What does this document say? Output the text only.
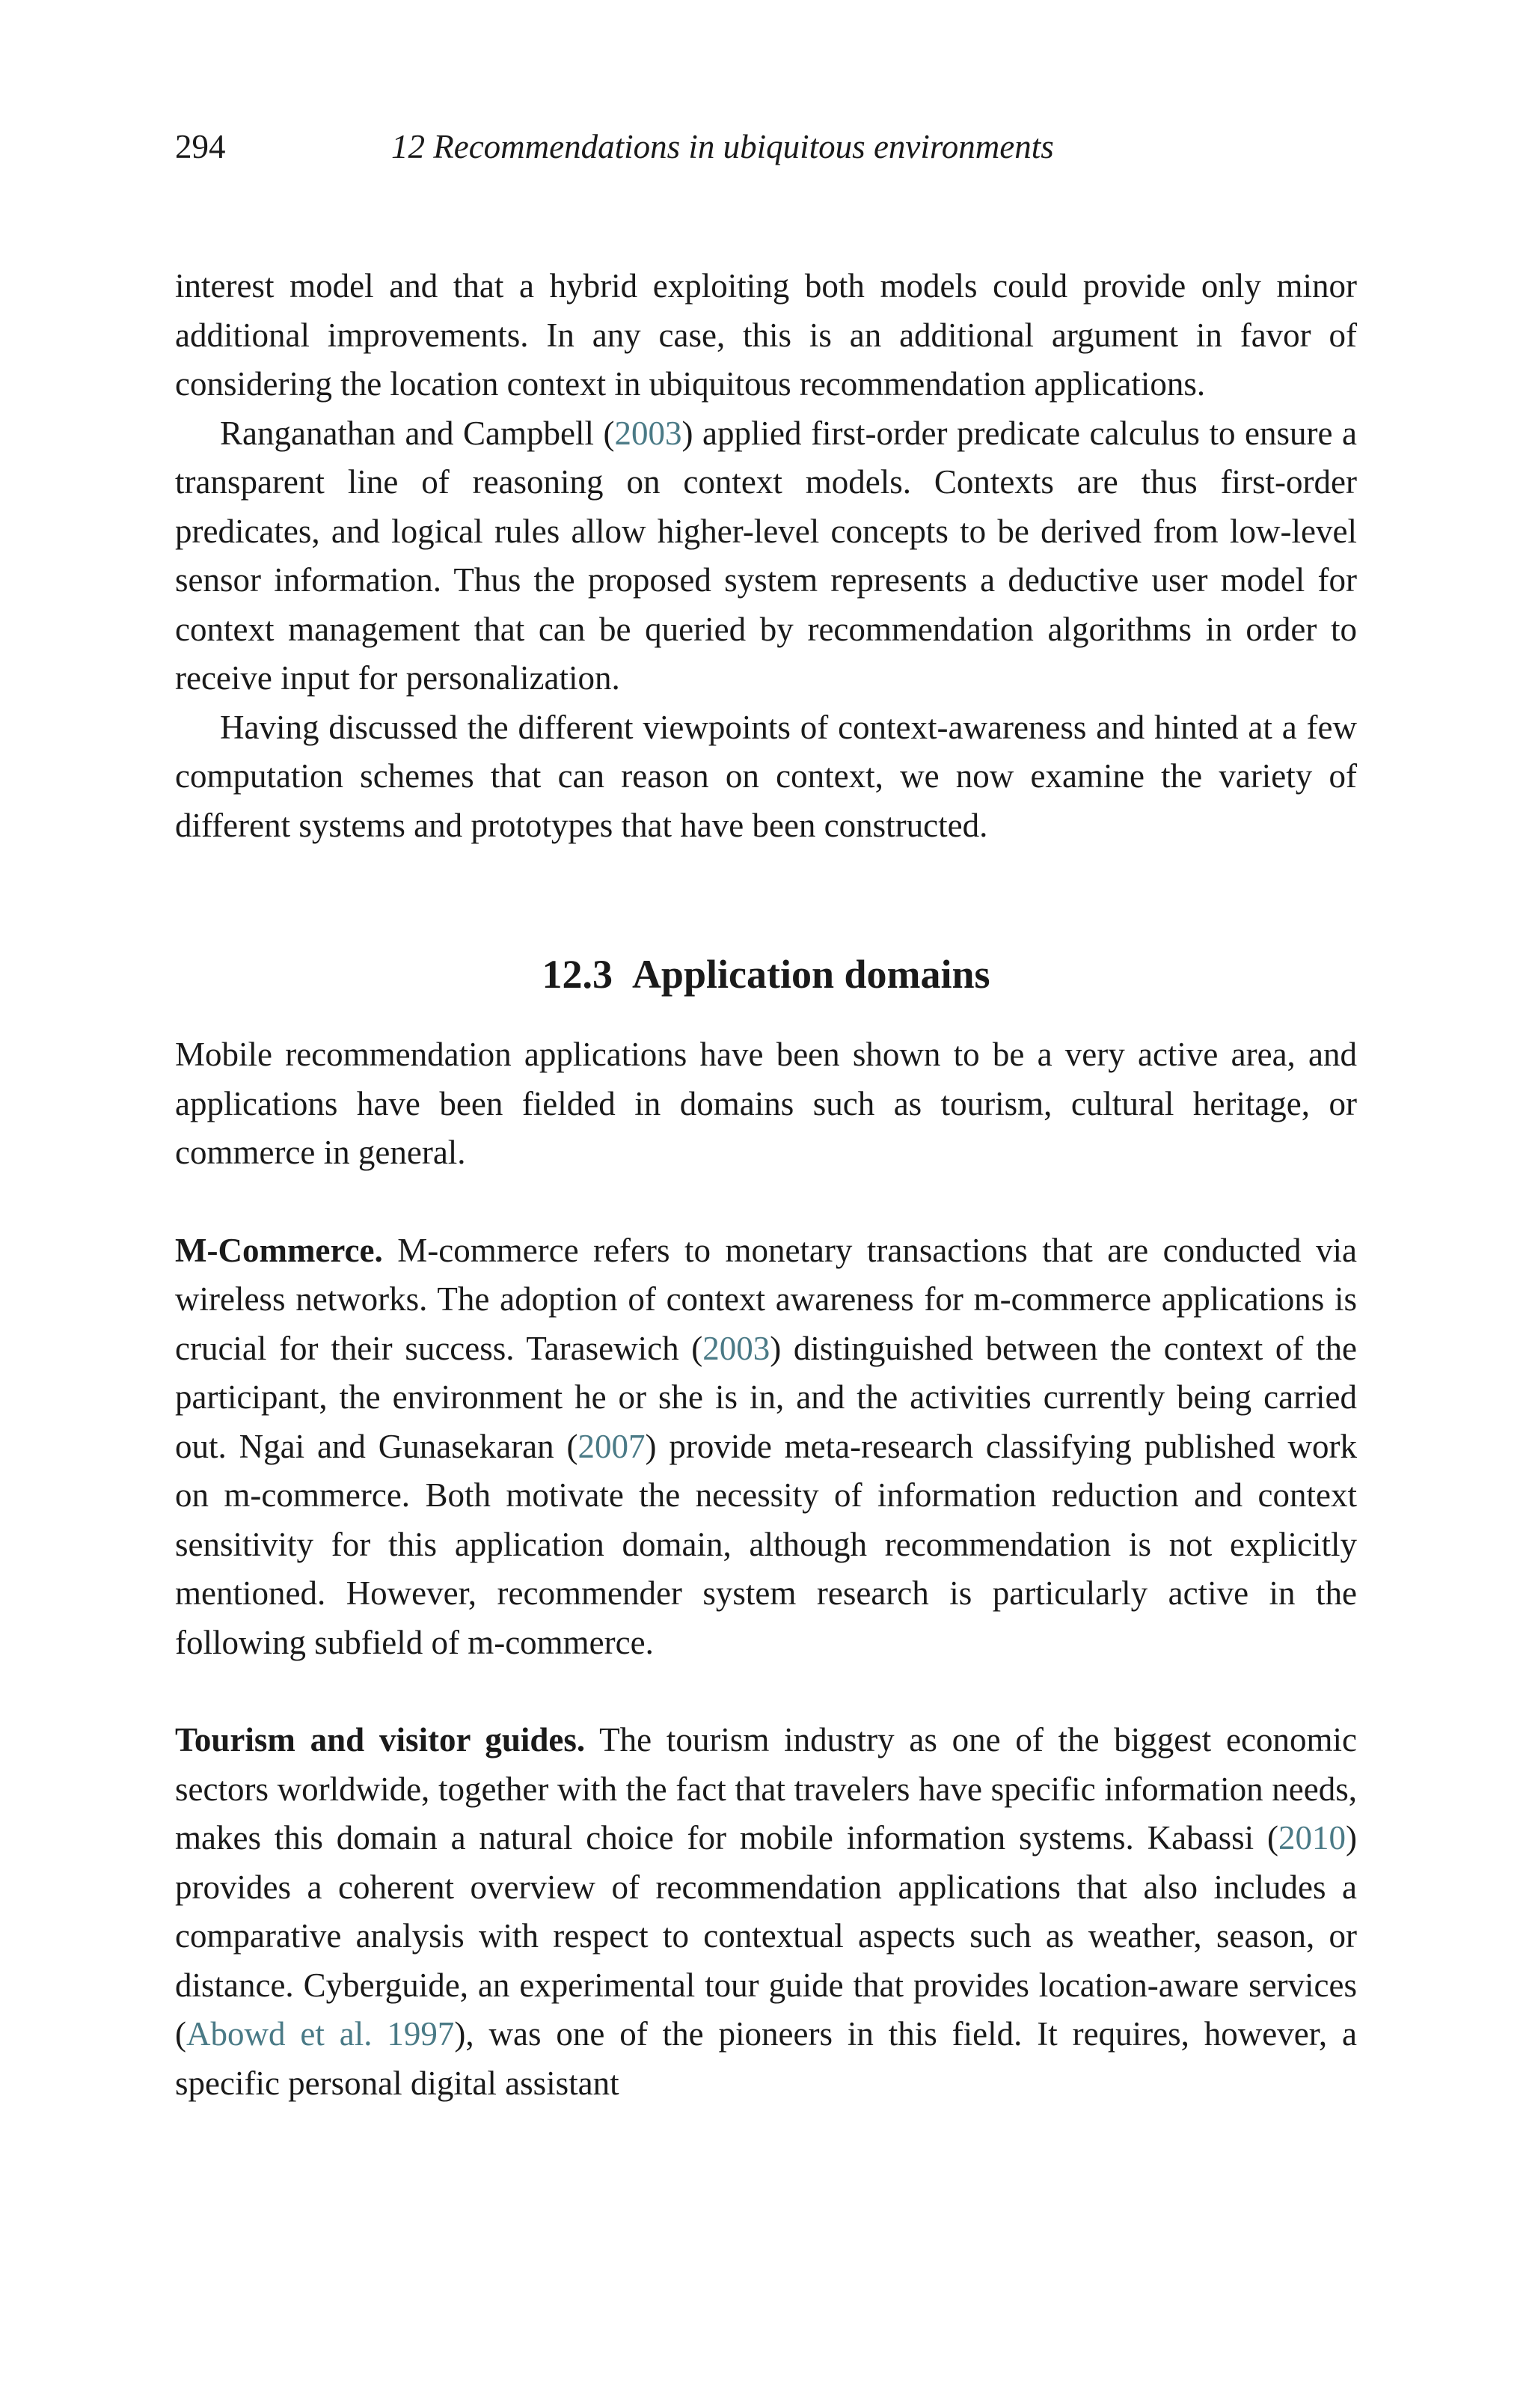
294	12 Recommendations in ubiquitous environments

interest model and that a hybrid exploiting both models could provide only minor additional improvements. In any case, this is an additional argument in favor of considering the location context in ubiquitous recommendation applications.

Ranganathan and Campbell (2003) applied first-order predicate calculus to ensure a transparent line of reasoning on context models. Contexts are thus first-order predicates, and logical rules allow higher-level concepts to be derived from low-level sensor information. Thus the proposed system represents a deductive user model for context management that can be queried by recommendation algorithms in order to receive input for personalization.

Having discussed the different viewpoints of context-awareness and hinted at a few computation schemes that can reason on context, we now examine the variety of different systems and prototypes that have been constructed.

12.3 Application domains

Mobile recommendation applications have been shown to be a very active area, and applications have been fielded in domains such as tourism, cultural heritage, or commerce in general.

M-Commerce. M-commerce refers to monetary transactions that are conducted via wireless networks. The adoption of context awareness for m-commerce applications is crucial for their success. Tarasewich (2003) distinguished between the context of the participant, the environment he or she is in, and the activities currently being carried out. Ngai and Gunasekaran (2007) provide meta-research classifying published work on m-commerce. Both motivate the necessity of information reduction and context sensitivity for this application domain, although recommendation is not explicitly mentioned. However, recommender system research is particularly active in the following subfield of m-commerce.

Tourism and visitor guides. The tourism industry as one of the biggest economic sectors worldwide, together with the fact that travelers have specific information needs, makes this domain a natural choice for mobile information systems. Kabassi (2010) provides a coherent overview of recommendation applications that also includes a comparative analysis with respect to contextual aspects such as weather, season, or distance. Cyberguide, an experimental tour guide that provides location-aware services (Abowd et al. 1997), was one of the pioneers in this field. It requires, however, a specific personal digital assistant
